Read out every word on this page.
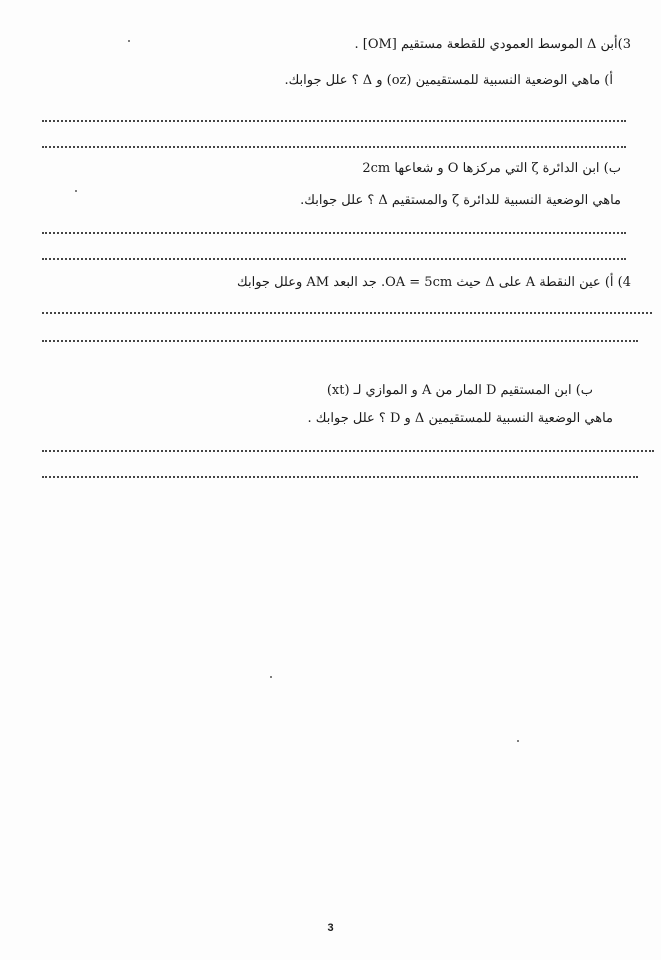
3)أبن Δ الموسط العمودي للقطعة مستقيم [OM] .
أ) ماهي الوضعية النسبية للمستقيمين (oz) و Δ ؟ علل جوابك.
ب) ابن الدائرة ζ التي مركزها O و شعاعها 2cm
ماهي الوضعية النسبية للدائرة ζ والمستقيم Δ ؟ علل جوابك.
4) أ) عين النقطة A على Δ حيث OA = 5cm. جد البعد AM وعلل جوابك
ب) ابن المستقيم D المار من A و الموازي لـ (xt)
ماهي الوضعية النسبية للمستقيمين Δ و D ؟ علل جوابك .
3
